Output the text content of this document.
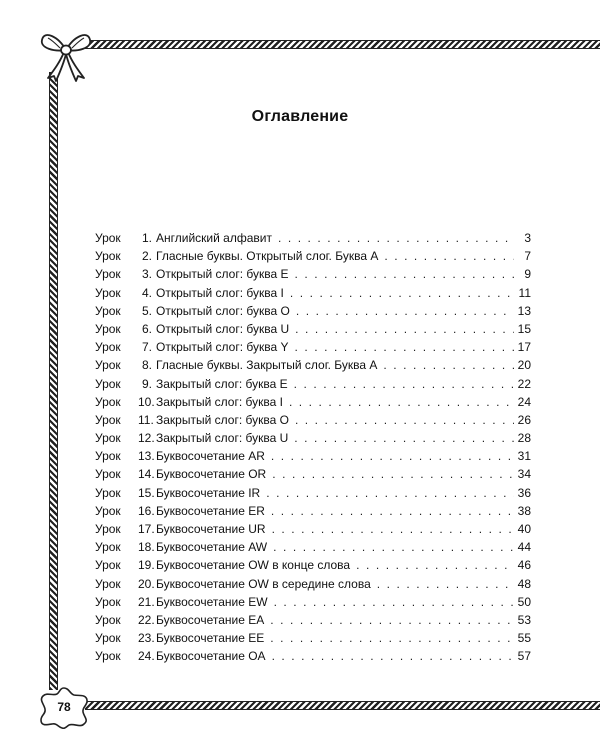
78
Оглавление
Урок	1. Английский алфавит . . .	3
Урок	2. Гласные буквы. Открытый слог. Буква А . . .	7
Урок	3. Открытый слог: буква Е . . .	9
Урок	4. Открытый слог: буква I . . .	11
Урок	5. Открытый слог: буква О . . .	13
Урок	6. Открытый слог: буква U . . .	15
Урок	7. Открытый слог: буква Y . . .	17
Урок	8. Гласные буквы. Закрытый слог. Буква А . . .	20
Урок	9. Закрытый слог: буква Е . . .	22
Урок	10. Закрытый слог: буква I . . .	24
Урок	11. Закрытый слог: буква О . . .	26
Урок	12. Закрытый слог: буква U . . .	28
Урок	13. Буквосочетание AR . . .	31
Урок	14. Буквосочетание OR . . .	34
Урок	15. Буквосочетание IR . . .	36
Урок	16. Буквосочетание ER . . .	38
Урок	17. Буквосочетание UR . . .	40
Урок	18. Буквосочетание AW . . .	44
Урок	19. Буквосочетание OW в конце слова . . .	46
Урок	20. Буквосочетание OW в середине слова . . .	48
Урок	21. Буквосочетание EW . . .	50
Урок	22. Буквосочетание EA . . .	53
Урок	23. Буквосочетание EE . . .	55
Урок	24. Буквосочетание OA . . .	57
